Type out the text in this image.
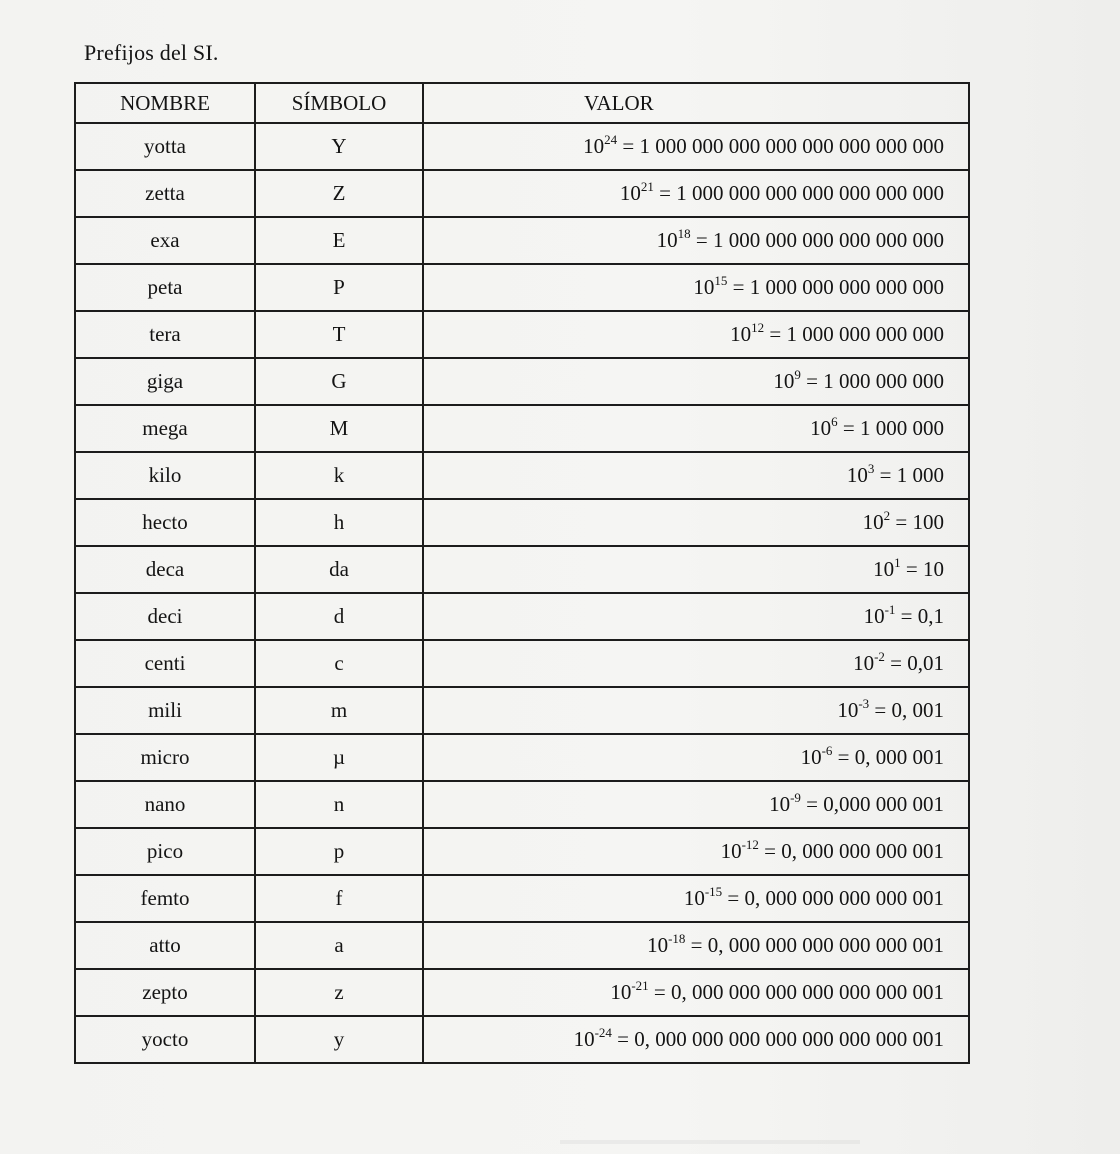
Prefijos del SI.
NOMBRE	SÍMBOLO	VALOR
yotta	Y	$10^{24} = 1$ 000 000 000 000 000 000 000 000
zetta	Z	$10^{21} = 1$ 000 000 000 000 000 000 000
exa	E	$10^{18} = 1$ 000 000 000 000 000 000
peta	P	$10^{15} = 1$ 000 000 000 000 000
tera	T	$10^{12} = 1$ 000 000 000 000
giga	G	$10^9 = 1$ 000 000 000
mega	M	$10^6 = 1$ 000 000
kilo	k	$10^3 = 1$ 000
hecto	h	$10^2 = 100$
deca	da	$10^1 = 10$
deci	d	$10^{-1} = 0,1$
centi	c	$10^{-2} = 0,01$
mili	m	$10^{-3} = 0$, 001
micro	µ	$10^{-6} = 0$, 000 001
nano	n	$10^{-9} = 0,000$ 000 001
pico	p	$10^{-12} = 0$, 000 000 000 001
femto	f	$10^{-15} = 0$, 000 000 000 000 001
atto	a	$10^{-18} = 0$, 000 000 000 000 000 001
zepto	z	$10^{-21} = 0$, 000 000 000 000 000 000 001
yocto	y	$10^{-24} = 0$, 000 000 000 000 000 000 000 001
